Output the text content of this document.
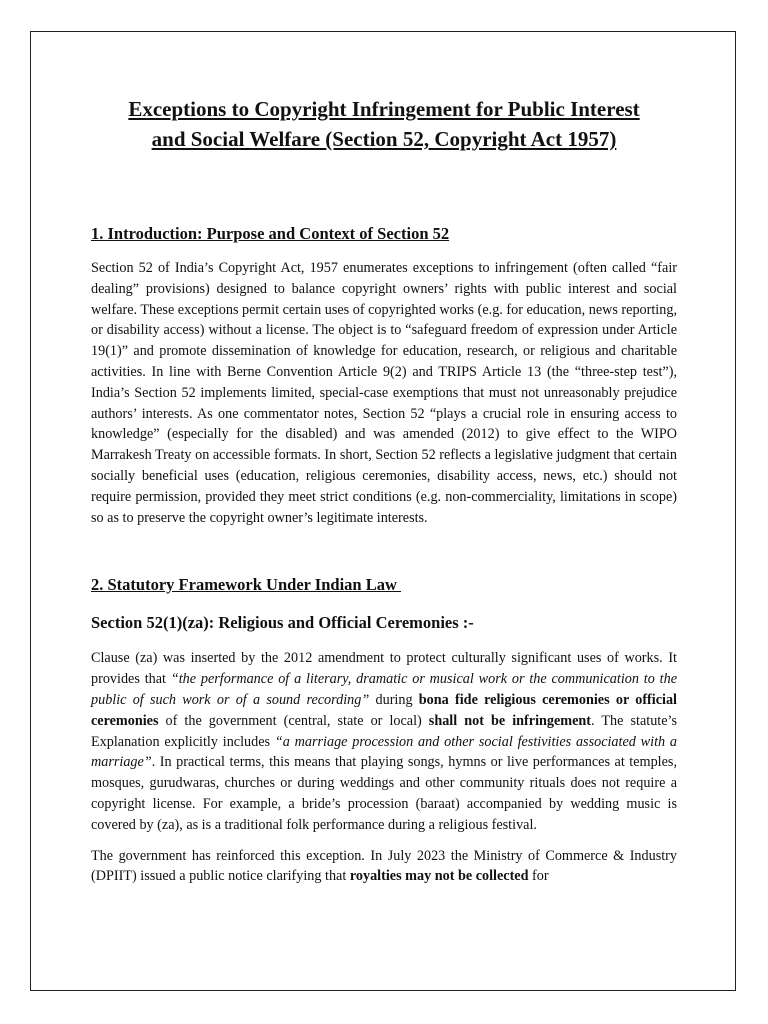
Exceptions to Copyright Infringement for Public Interest
and Social Welfare (Section 52, Copyright Act 1957)
1. Introduction: Purpose and Context of Section 52

Section 52 of India’s Copyright Act, 1957 enumerates exceptions to infringement (often called “fair dealing” provisions) designed to balance copyright owners’ rights with public interest and social welfare. These exceptions permit certain uses of copyrighted works (e.g. for education, news reporting, or disability access) without a license. The object is to “safeguard freedom of expression under Article 19(1)” and promote dissemination of knowledge for education, research, or religious and charitable activities. In line with Berne Convention Article 9(2) and TRIPS Article 13 (the “three-step test”), India’s Section 52 implements limited, special-case exemptions that must not unreasonably prejudice authors’ interests. As one commentator notes, Section 52 “plays a crucial role in ensuring access to knowledge” (especially for the disabled) and was amended (2012) to give effect to the WIPO Marrakesh Treaty on accessible formats. In short, Section 52 reflects a legislative judgment that certain socially beneficial uses (education, religious ceremonies, disability access, news, etc.) should not require permission, provided they meet strict conditions (e.g. non-commerciality, limitations in scope) so as to preserve the copyright owner’s legitimate interests.

2. Statutory Framework Under Indian Law
Section 52(1)(za): Religious and Official Ceremonies :-

Clause (za) was inserted by the 2012 amendment to protect culturally significant uses of works. It provides that “the performance of a literary, dramatic or musical work or the communication to the public of such work or of a sound recording” during bona fide religious ceremonies or official ceremonies of the government (central, state or local) shall not be infringement. The statute’s Explanation explicitly includes “a marriage procession and other social festivities associated with a marriage”. In practical terms, this means that playing songs, hymns or live performances at temples, mosques, gurudwaras, churches or during weddings and other community rituals does not require a copyright license. For example, a bride’s procession (baraat) accompanied by wedding music is covered by (za), as is a traditional folk performance during a religious festival.

The government has reinforced this exception. In July 2023 the Ministry of Commerce & Industry (DPIIT) issued a public notice clarifying that royalties may not be collected for
